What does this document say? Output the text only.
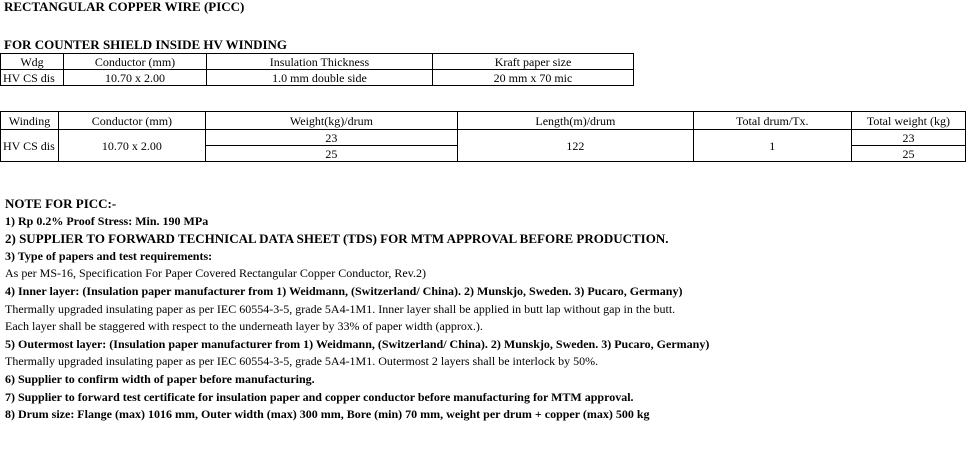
RECTANGULAR COPPER WIRE (PICC)
FOR COUNTER SHIELD INSIDE HV WINDING
Wdg	Conductor (mm)	Insulation Thickness	Kraft paper size
HV CS dis	10.70 x 2.00	1.0 mm double side	20 mm x 70 mic
Winding	Conductor (mm)	Weight(kg)/drum	Length(m)/drum	Total drum/Tx.	Total weight (kg)
HV CS dis	10.70 x 2.00	23	122	1	23
		25			25
NOTE FOR PICC:-
1) Rp 0.2% Proof Stress: Min. 190 MPa
2) SUPPLIER TO FORWARD TECHNICAL DATA SHEET (TDS) FOR MTM APPROVAL BEFORE PRODUCTION.
3) Type of papers and test requirements:
As per MS-16, Specification For Paper Covered Rectangular Copper Conductor, Rev.2)
4) Inner layer: (Insulation paper manufacturer from 1) Weidmann, (Switzerland/ China). 2) Munskjo, Sweden. 3) Pucaro, Germany)
Thermally upgraded insulating paper as per IEC 60554-3-5, grade 5A4-1M1. Inner layer shall be applied in butt lap without gap in the butt.
Each layer shall be staggered with respect to the underneath layer by 33% of paper width (approx.).
5) Outermost layer: (Insulation paper manufacturer from 1) Weidmann, (Switzerland/ China). 2) Munskjo, Sweden. 3) Pucaro, Germany)
Thermally upgraded insulating paper as per IEC 60554-3-5, grade 5A4-1M1. Outermost 2 layers shall be interlock by 50%.
6) Supplier to confirm width of paper before manufacturing.
7) Supplier to forward test certificate for insulation paper and copper conductor before manufacturing for MTM approval.
8) Drum size: Flange (max) 1016 mm, Outer width (max) 300 mm, Bore (min) 70 mm, weight per drum + copper (max) 500 kg
